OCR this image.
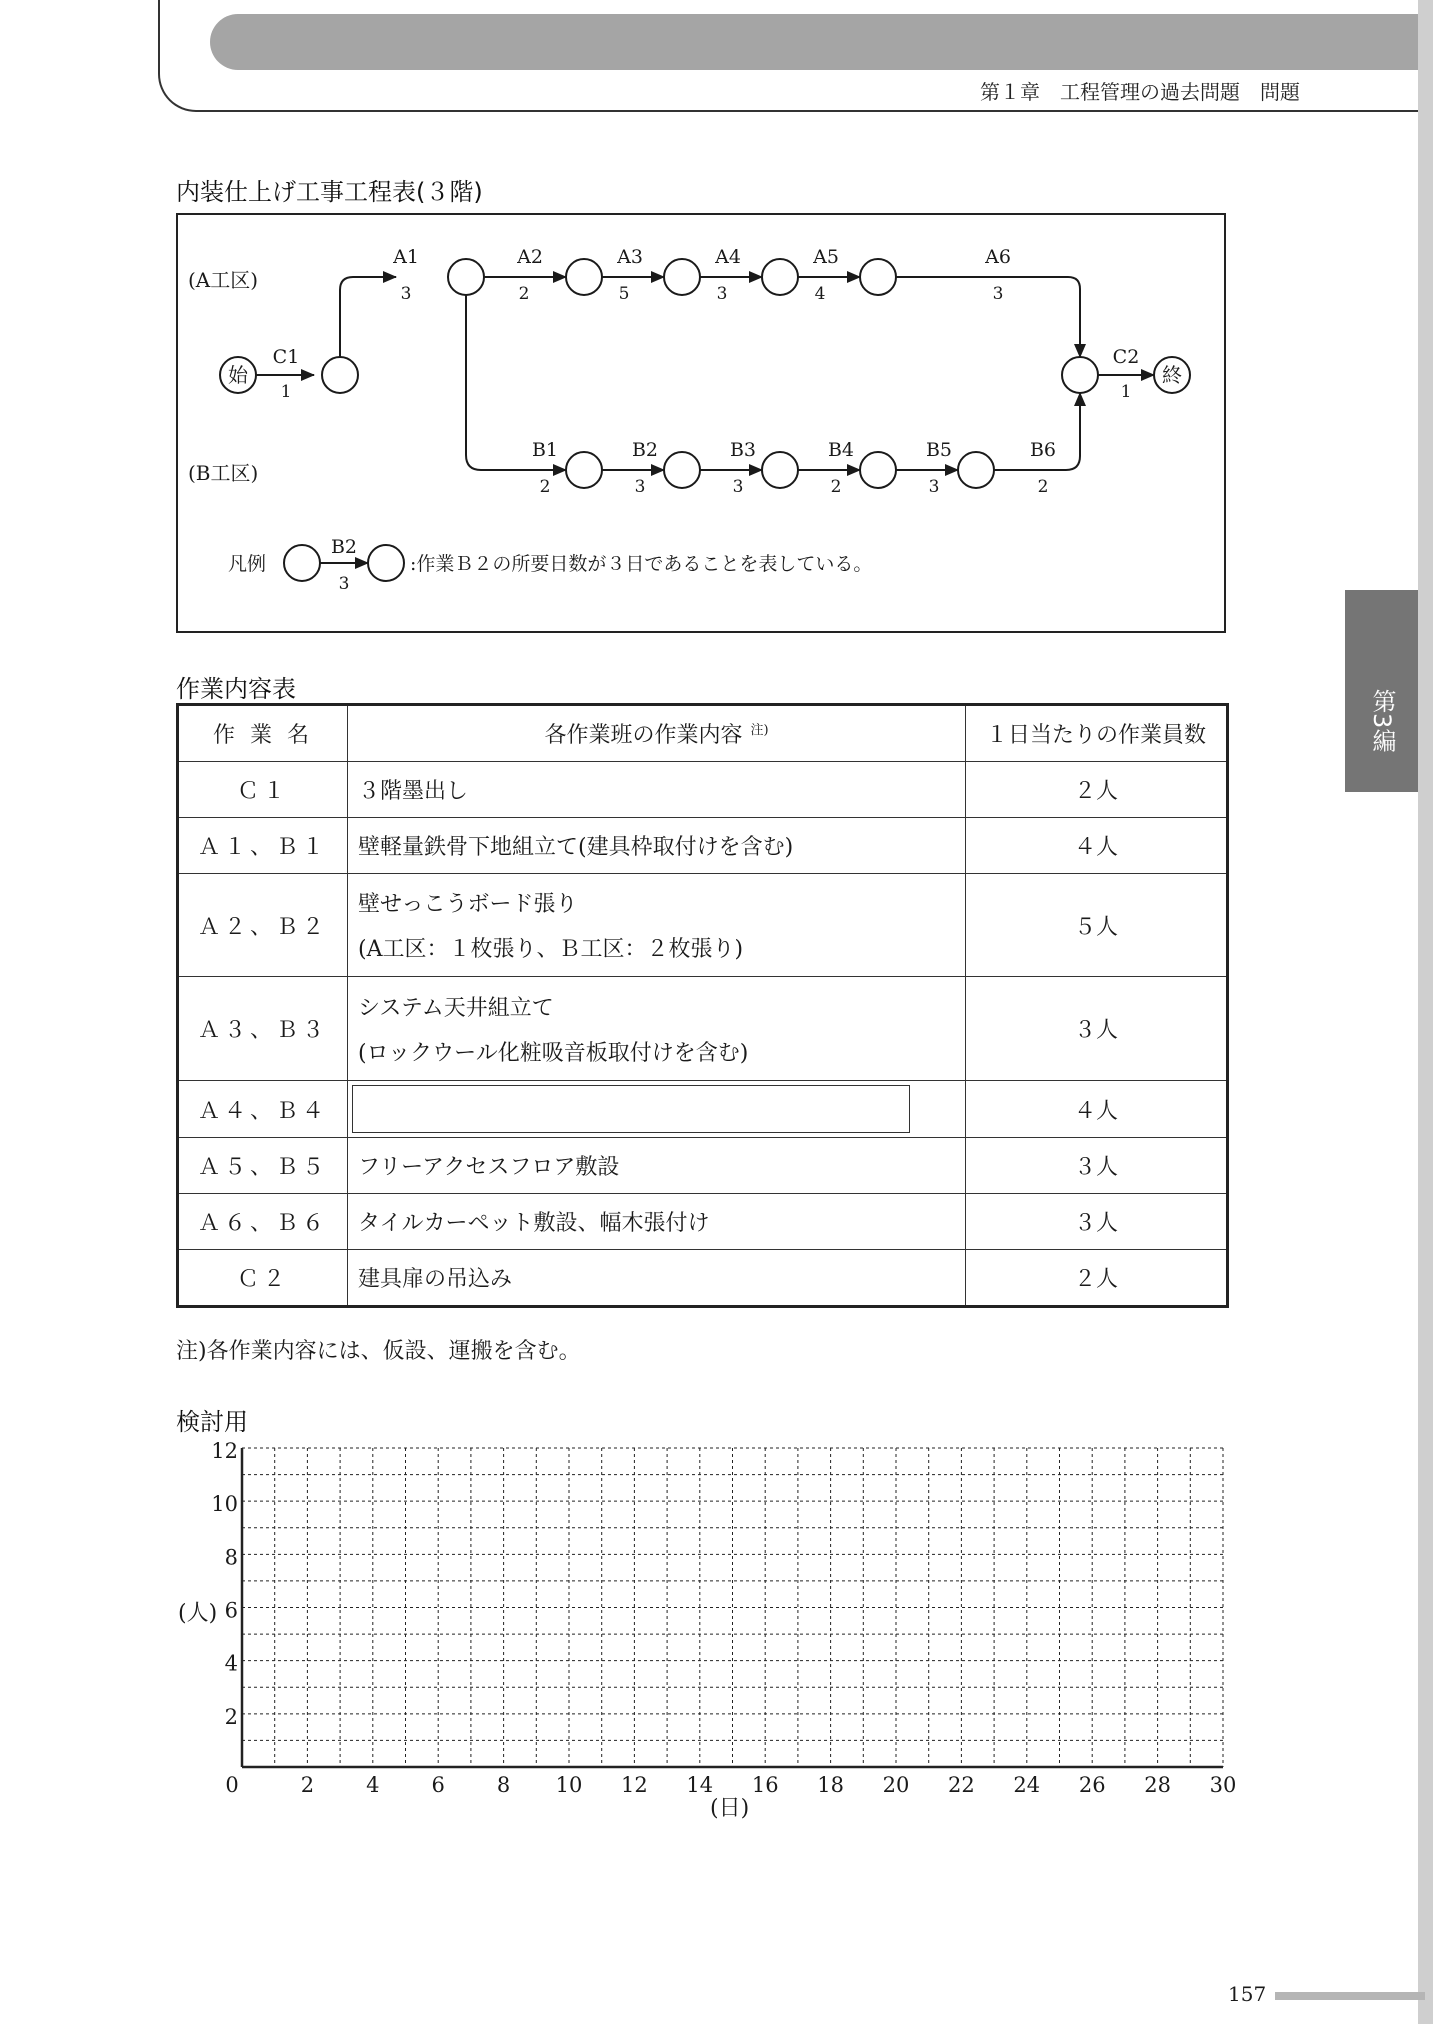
第１章　工程管理の過去問題　問題
第3編
内装仕上げ工事工程表(３階)
(A工区)
(B工区)
始	終
C1
1
A1
3
A2
2
A3
5
A4
3
A5
4
A6
3
B1
2
B2
3
B3
3
B4
2
B5
3
B6
2
C2
1
凡例
B2
3
:作業Ｂ２の所要日数が３日であることを表している。
作業内容表
作 業 名	各作業班の作業内容 $^{注)}$	１日当たりの作業員数
Ｃ１	３階墨出し	２人
Ａ１、Ｂ１	壁軽量鉄骨下地組立て(建具枠取付けを含む)	４人
Ａ２、Ｂ２	壁せっこうボード張り
(A工区：１枚張り、Ｂ工区：２枚張り)	５人
Ａ３、Ｂ３	システム天井組立て
(ロックウール化粧吸音板取付けを含む)	３人
Ａ４、Ｂ４		４人
Ａ５、Ｂ５	フリーアクセスフロア敷設	３人
Ａ６、Ｂ６	タイルカーペット敷設、幅木張付け	３人
Ｃ２	建具扉の吊込み	２人
注)各作業内容には、仮設、運搬を含む。
検討用
12
10
8
6
4
2
0	2 4 6 8 10 12 14 16 18 20 22 24 26 28 30
(人)
(日)
157
